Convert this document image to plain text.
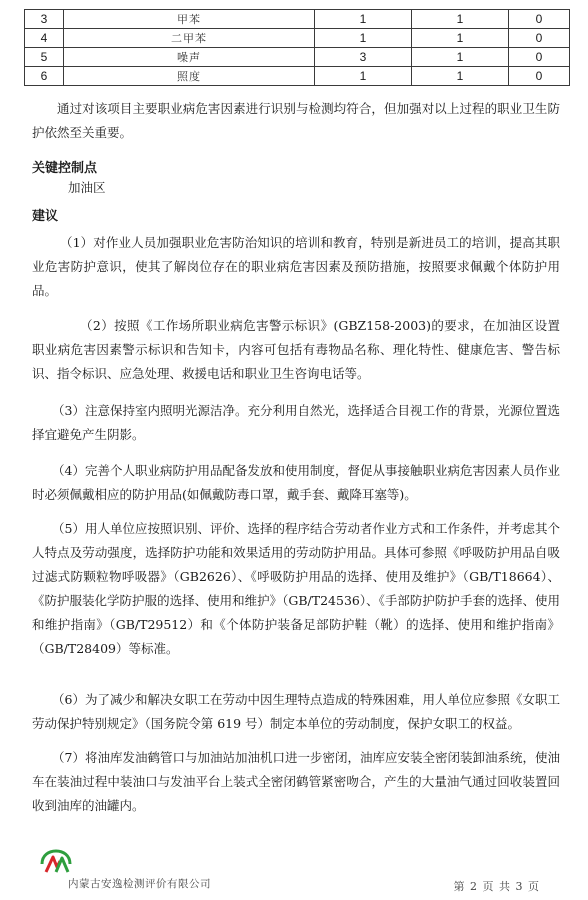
3	甲苯	1	1	0
4	二甲苯	1	1	0
5	噪声	3	1	0
6	照度	1	1	0

通过对该项目主要职业病危害因素进行识别与检测均符合，但加强对以上过程的职业卫生防护依然至关重要。

关键控制点

加油区

建议

（1）对作业人员加强职业危害防治知识的培训和教育，特别是新进员工的培训，提高其职业危害防护意识，使其了解岗位存在的职业病危害因素及预防措施，按照要求佩戴个体防护用品。

（2）按照《工作场所职业病危害警示标识》(GBZ158-2003)的要求，在加油区设置职业病危害因素警示标识和告知卡，内容可包括有毒物品名称、理化特性、健康危害、警告标识、指令标识、应急处理、救援电话和职业卫生咨询电话等。

（3）注意保持室内照明光源洁净。充分利用自然光，选择适合目视工作的背景，光源位置选择宜避免产生阴影。

（4）完善个人职业病防护用品配备发放和使用制度，督促从事接触职业病危害因素人员作业时必须佩戴相应的防护用品(如佩戴防毒口罩，戴手套、戴降耳塞等)。

（5）用人单位应按照识别、评价、选择的程序结合劳动者作业方式和工作条件，并考虑其个人特点及劳动强度，选择防护功能和效果适用的劳动防护用品。具体可参照《呼吸防护用品自吸过滤式防颗粒物呼吸器》（GB2626）、《呼吸防护用品的选择、使用及维护》（GB/T18664）、《防护服装化学防护服的选择、使用和维护》（GB/T24536）、《手部防护防护手套的选择、使用和维护指南》（GB/T29512）和《个体防护装备足部防护鞋（靴）的选择、使用和维护指南》（GB/T28409）等标准。

（6）为了减少和解决女职工在劳动中因生理特点造成的特殊困难，用人单位应参照《女职工劳动保护特别规定》（国务院令第 619 号）制定本单位的劳动制度，保护女职工的权益。

（7）将油库发油鹤管口与加油站加油机口进一步密闭，油库应安装全密闭装卸油系统，使油车在装油过程中装油口与发油平台上装式全密闭鹤管紧密吻合，产生的大量油气通过回收装置回收到油库的油罐内。

内蒙古安逸检测评价有限公司	第 2 页 共 3 页
